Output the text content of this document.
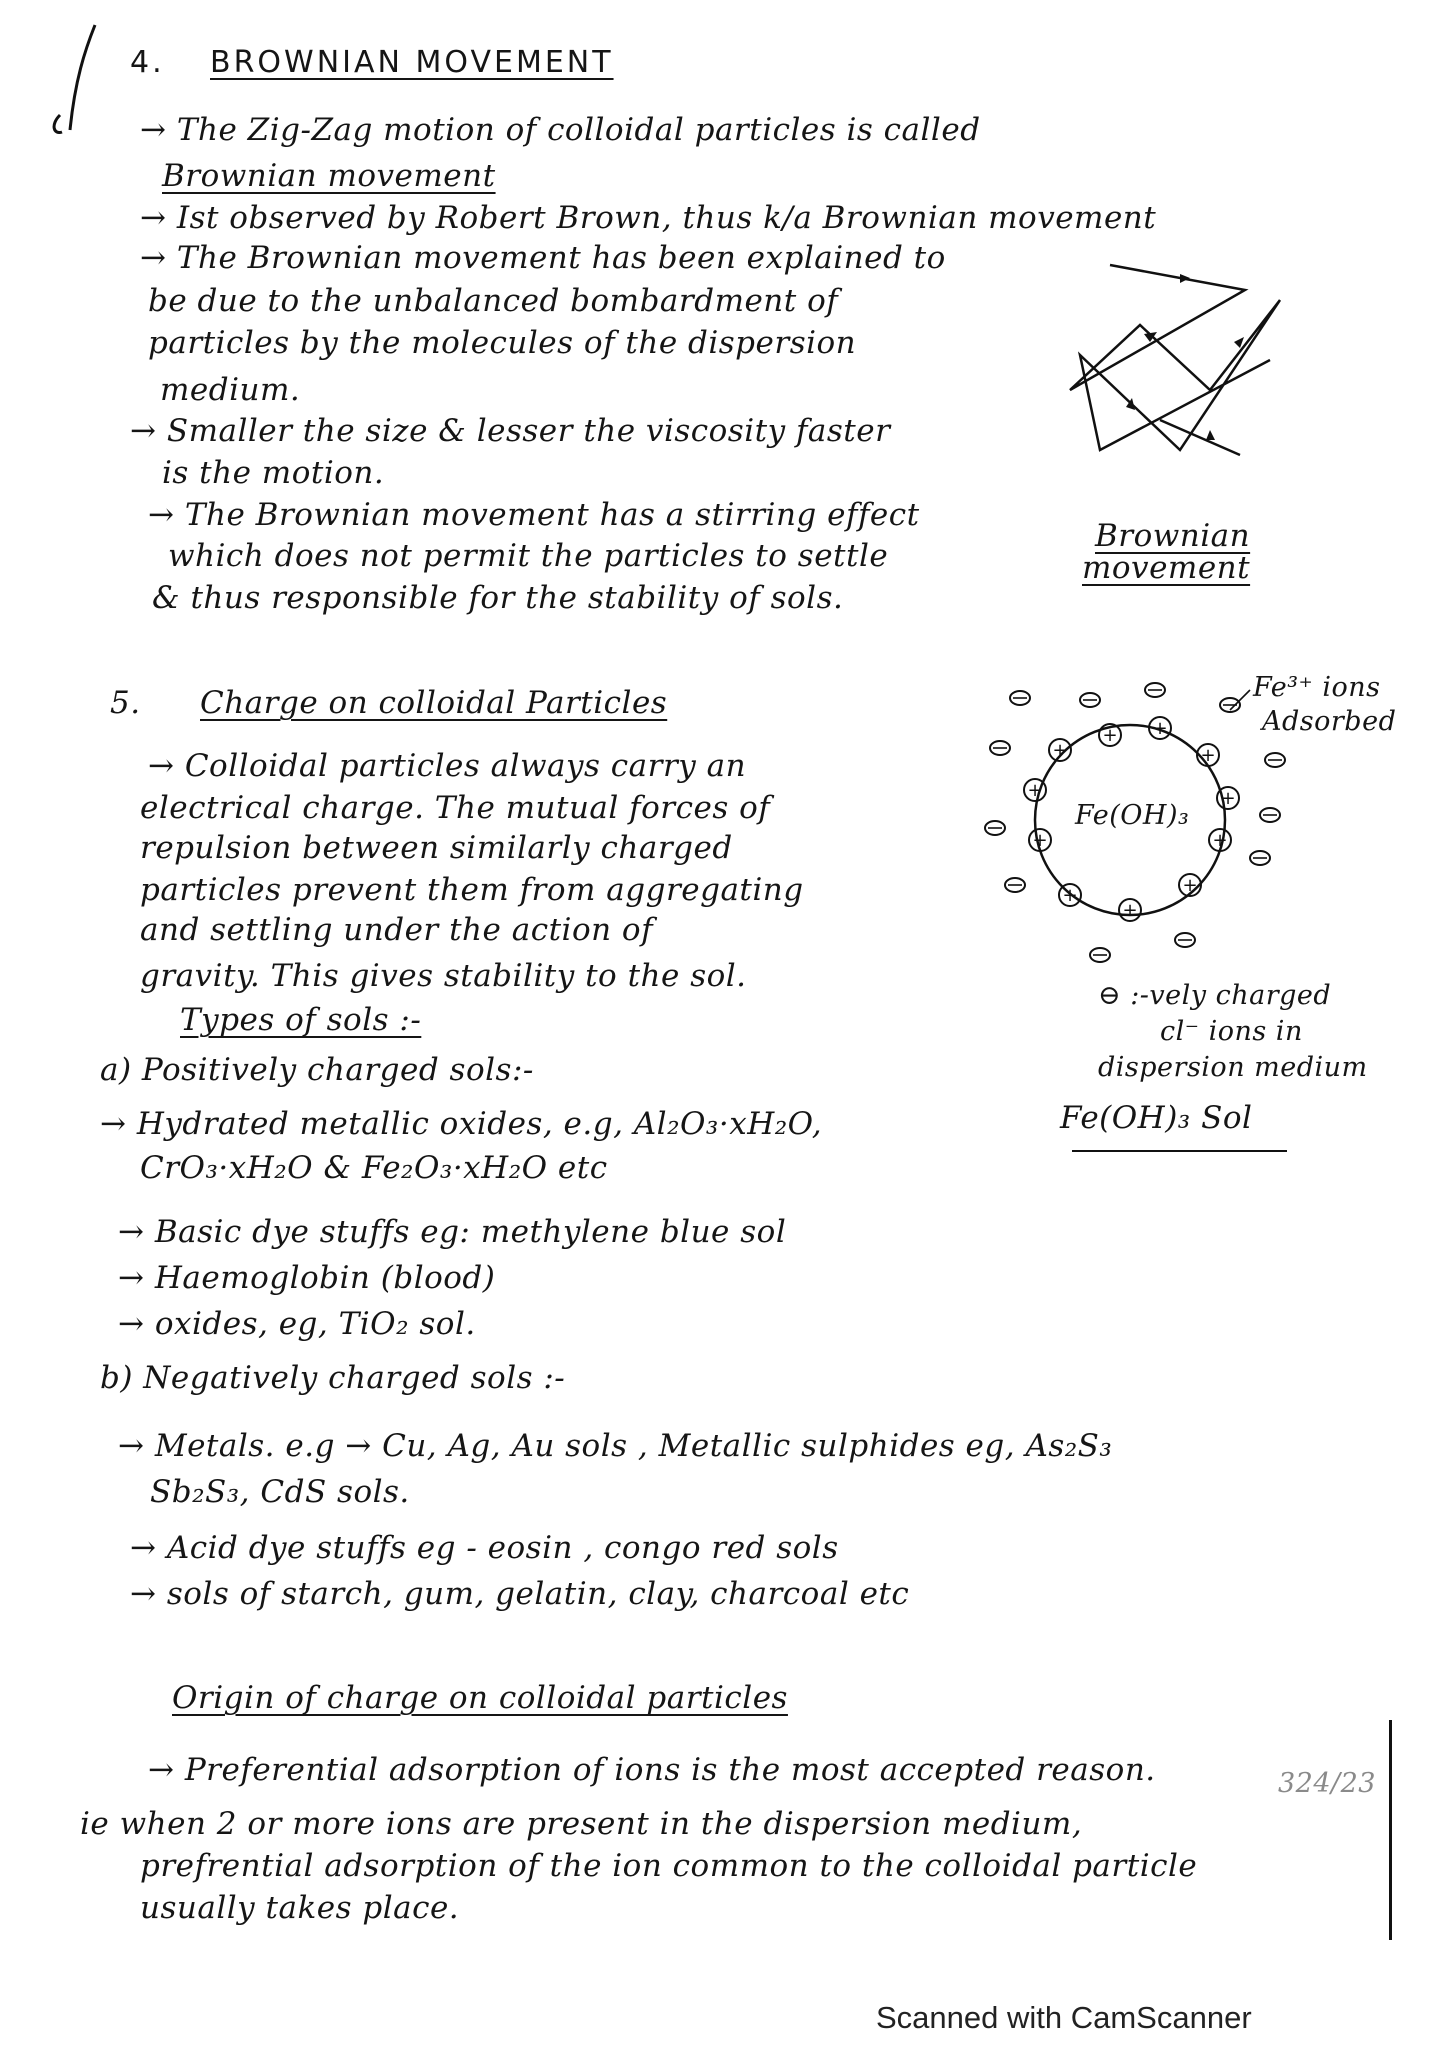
4. BROWNIAN MOVEMENT
→ The Zig-Zag motion of colloidal particles is called
Brownian movement
→ Ist observed by Robert Brown, thus k/a Brownian movement
→ The Brownian movement has been explained to
be due to the unbalanced bombardment of
particles by the molecules of the dispersion
medium.
→ Smaller the size & lesser the viscosity faster
is the motion.
→ The Brownian movement has a stirring effect
which does not permit the particles to settle
& thus responsible for the stability of sols.
Brownian
movement
5. Charge on colloidal Particles
→ Colloidal particles always carry an
electrical charge. The mutual forces of
repulsion between similarly charged
particles prevent them from aggregating
and settling under the action of
gravity. This gives stability to the sol.
Types of sols :-
a) Positively charged sols:-
→ Hydrated metallic oxides, e.g, Al₂O₃·xH₂O,
CrO₃·xH₂O & Fe₂O₃·xH₂O etc
→ Basic dye stuffs eg: methylene blue sol
→ Haemoglobin (blood)
→ oxides, eg, TiO₂ sol.
b) Negatively charged sols :-
→ Metals. e.g → Cu, Ag, Au sols , Metallic sulphides eg, As₂S₃
Sb₂S₃, CdS sols.
→ Acid dye stuffs eg - eosin , congo red sols
→ sols of starch, gum, gelatin, clay, charcoal etc
Origin of charge on colloidal particles
→ Preferential adsorption of ions is the most accepted reason.
ie when 2 or more ions are present in the dispersion medium,
prefrential adsorption of the ion common to the colloidal particle
usually takes place.
324/23
+
+ +
+
+
+
+
+
+
+
+
Fe(OH)₃
Fe³⁺ ions
Adsorbed
⊖ :-vely charged
cl⁻ ions in
dispersion medium
Fe(OH)₃ Sol
Scanned with CamScanner
